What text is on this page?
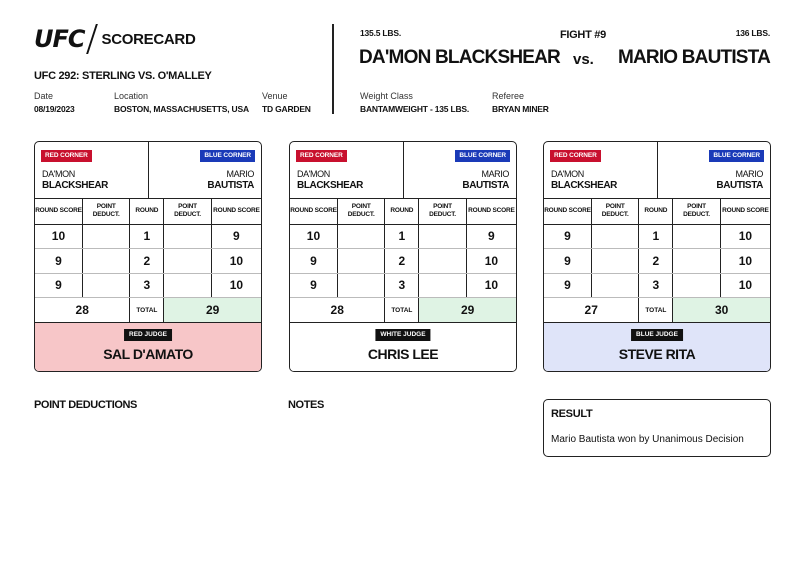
UFC SCORECARD
UFC 292: STERLING VS. O'MALLEY
Date
08/19/2023
Location
BOSTON, MASSACHUSETTS, USA
Venue
TD GARDEN
135.5 LBS.
DA'MON BLACKSHEAR
FIGHT #9
vs.
136 LBS.
MARIO BAUTISTA
Weight Class
BANTAMWEIGHT - 135 LBS.
Referee
BRYAN MINER
RED CORNER	BLUE CORNER
DA'MON
BLACKSHEAR
MARIO
BAUTISTA
ROUND SCORE	POINT DEDUCT.	ROUND	POINT DEDUCT.	ROUND SCORE
10		1		9
9		2		10
9		3		10
28		TOTAL	29	
RED JUDGE
SAL D'AMATO
RED CORNER	BLUE CORNER
DA'MON
BLACKSHEAR
MARIO
BAUTISTA
ROUND SCORE	POINT DEDUCT.	ROUND	POINT DEDUCT.	ROUND SCORE
10		1		9
9		2		10
9		3		10
28		TOTAL	29	
WHITE JUDGE
CHRIS LEE
RED CORNER	BLUE CORNER
DA'MON
BLACKSHEAR
MARIO
BAUTISTA
ROUND SCORE	POINT DEDUCT.	ROUND	POINT DEDUCT.	ROUND SCORE
9		1		10
9		2		10
9		3		10
27		TOTAL	30	
BLUE JUDGE
STEVE RITA
POINT DEDUCTIONS	NOTES
RESULT
Mario Bautista won by Unanimous Decision
